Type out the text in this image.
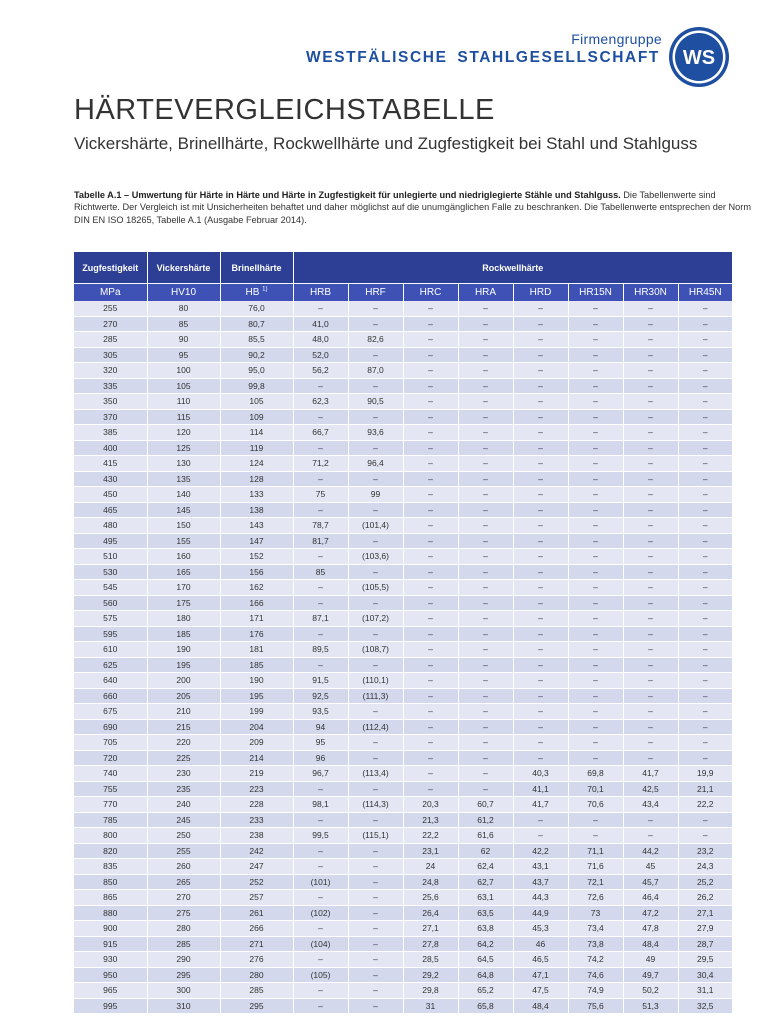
Firmengruppe
WESTFÄLISCHE STAHLGESELLSCHAFT WS
HÄRTEVERGLEICHSTABELLE
Vickershärte, Brinellhärte, Rockwellhärte und Zugfestigkeit bei Stahl und Stahlguss
Tabelle A.1 – Umwertung für Härte in Härte und Härte in Zugfestigkeit für unlegierte und niedriglegierte Stähle und Stahlguss. Die Tabellenwerte sind Richtwerte. Der Vergleich ist mit Unsicherheiten behaftet und daher möglichst auf die unumgänglichen Falle zu beschranken. Die Tabellenwerte entsprechen der Norm DIN EN ISO 18265, Tabelle A.1 (Ausgabe Februar 2014).
Zugfestigkeit	Vickershärte	Brinellhärte	Rockwellhärte							
MPa	HV10	HB $^{1)}$	HRB	HRF	HRC	HRA	HRD	HR15N	HR30N	HR45N
255	80	76,0	–	–	–	–	–	–	–	–
270	85	80,7	41,0	–	–	–	–	–	–	–
285	90	85,5	48,0	82,6	–	–	–	–	–	–
305	95	90,2	52,0	–	–	–	–	–	–	–
320	100	95,0	56,2	87,0	–	–	–	–	–	–
335	105	99,8	–	–	–	–	–	–	–	–
350	110	105	62,3	90,5	–	–	–	–	–	–
370	115	109	–	–	–	–	–	–	–	–
385	120	114	66,7	93,6	–	–	–	–	–	–
400	125	119	–	–	–	–	–	–	–	–
415	130	124	71,2	96,4	–	–	–	–	–	–
430	135	128	–	–	–	–	–	–	–	–
450	140	133	75	99	–	–	–	–	–	–
465	145	138	–	–	–	–	–	–	–	–
480	150	143	78,7	(101,4)	–	–	–	–	–	–
495	155	147	81,7	–	–	–	–	–	–	–
510	160	152	–	(103,6)	–	–	–	–	–	–
530	165	156	85	–	–	–	–	–	–	–
545	170	162	–	(105,5)	–	–	–	–	–	–
560	175	166	–	–	–	–	–	–	–	–
575	180	171	87,1	(107,2)	–	–	–	–	–	–
595	185	176	–	–	–	–	–	–	–	–
610	190	181	89,5	(108,7)	–	–	–	–	–	–
625	195	185	–	–	–	–	–	–	–	–
640	200	190	91,5	(110,1)	–	–	–	–	–	–
660	205	195	92,5	(111,3)	–	–	–	–	–	–
675	210	199	93,5	–	–	–	–	–	–	–
690	215	204	94	(112,4)	–	–	–	–	–	–
705	220	209	95	–	–	–	–	–	–	–
720	225	214	96	–	–	–	–	–	–	–
740	230	219	96,7	(113,4)	–	–	40,3	69,8	41,7	19,9
755	235	223	–	–	–	–	41,1	70,1	42,5	21,1
770	240	228	98,1	(114,3)	20,3	60,7	41,7	70,6	43,4	22,2
785	245	233	–	–	21,3	61,2	–	–	–	–
800	250	238	99,5	(115,1)	22,2	61,6	–	–	–	–
820	255	242	–	–	23,1	62	42,2	71,1	44,2	23,2
835	260	247	–	–	24	62,4	43,1	71,6	45	24,3
850	265	252	(101)	–	24,8	62,7	43,7	72,1	45,7	25,2
865	270	257	–	–	25,6	63,1	44,3	72,6	46,4	26,2
880	275	261	(102)	–	26,4	63,5	44,9	73	47,2	27,1
900	280	266	–	–	27,1	63,8	45,3	73,4	47,8	27,9
915	285	271	(104)	–	27,8	64,2	46	73,8	48,4	28,7
930	290	276	–	–	28,5	64,5	46,5	74,2	49	29,5
950	295	280	(105)	–	29,2	64,8	47,1	74,6	49,7	30,4
965	300	285	–	–	29,8	65,2	47,5	74,9	50,2	31,1
995	310	295	–	–	31	65,8	48,4	75,6	51,3	32,5
